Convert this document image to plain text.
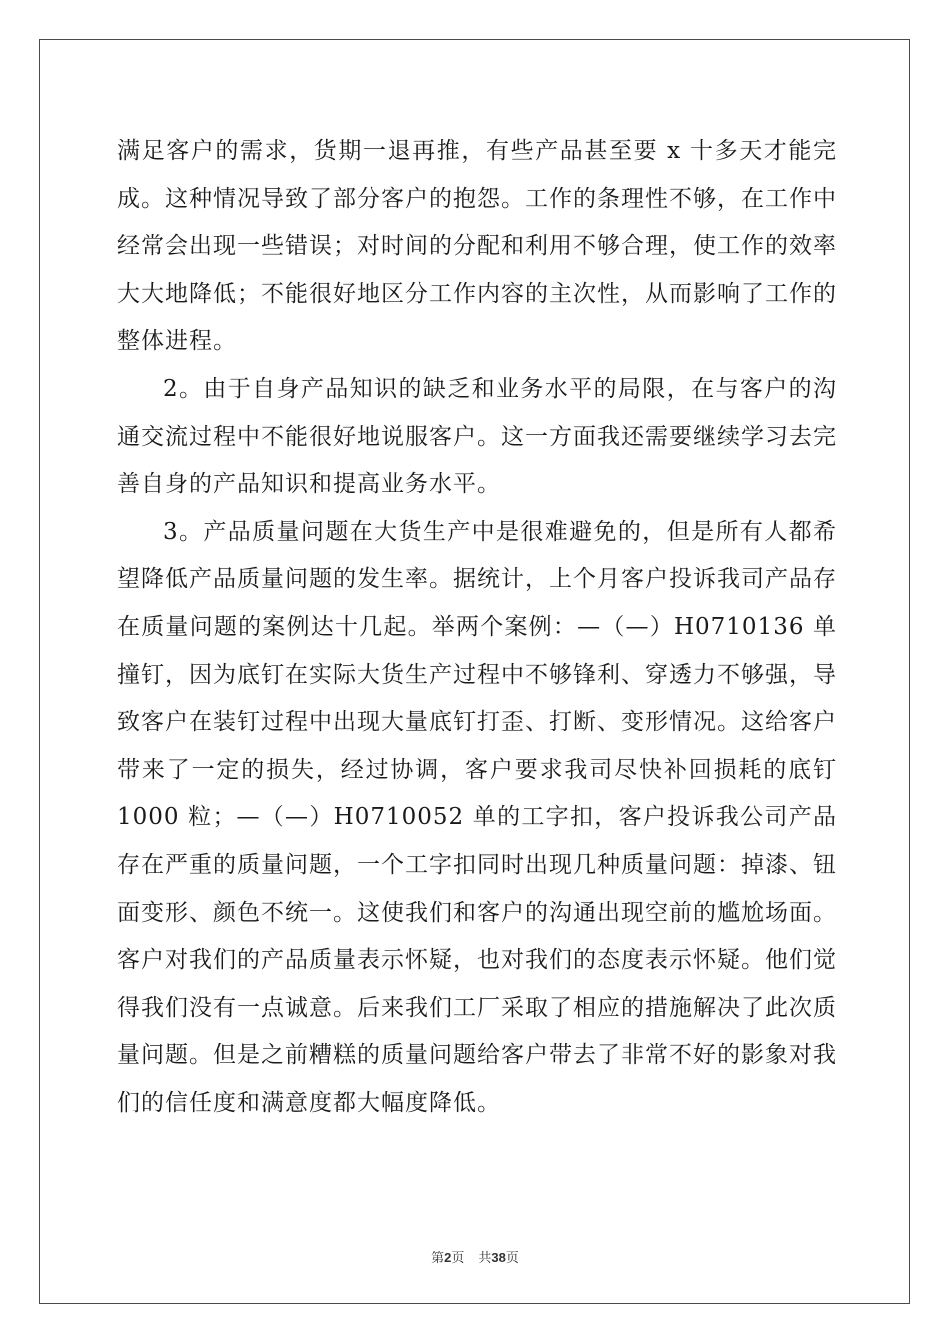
满足客户的需求，货期一退再推，有些产品甚至要 x 十多天才能完成。这种情况导致了部分客户的抱怨。工作的条理性不够，在工作中经常会出现一些错误；对时间的分配和利用不够合理，使工作的效率大大地降低；不能很好地区分工作内容的主次性，从而影响了工作的整体进程。

2。由于自身产品知识的缺乏和业务水平的局限，在与客户的沟通交流过程中不能很好地说服客户。这一方面我还需要继续学习去完善自身的产品知识和提高业务水平。

3。产品质量问题在大货生产中是很难避免的，但是所有人都希望降低产品质量问题的发生率。据统计，上个月客户投诉我司产品存在质量问题的案例达十几起。举两个案例：—（—）H0710136 单撞钉，因为底钉在实际大货生产过程中不够锋利、穿透力不够强，导致客户在装钉过程中出现大量底钉打歪、打断、变形情况。这给客户带来了一定的损失，经过协调，客户要求我司尽快补回损耗的底钉 1000 粒；—（—）H0710052 单的工字扣，客户投诉我公司产品存在严重的质量问题，一个工字扣同时出现几种质量问题：掉漆、钮面变形、颜色不统一。这使我们和客户的沟通出现空前的尴尬场面。客户对我们的产品质量表示怀疑，也对我们的态度表示怀疑。他们觉得我们没有一点诚意。后来我们工厂采取了相应的措施解决了此次质量问题。但是之前糟糕的质量问题给客户带去了非常不好的影象对我们的信任度和满意度都大幅度降低。

第2页 共38页
